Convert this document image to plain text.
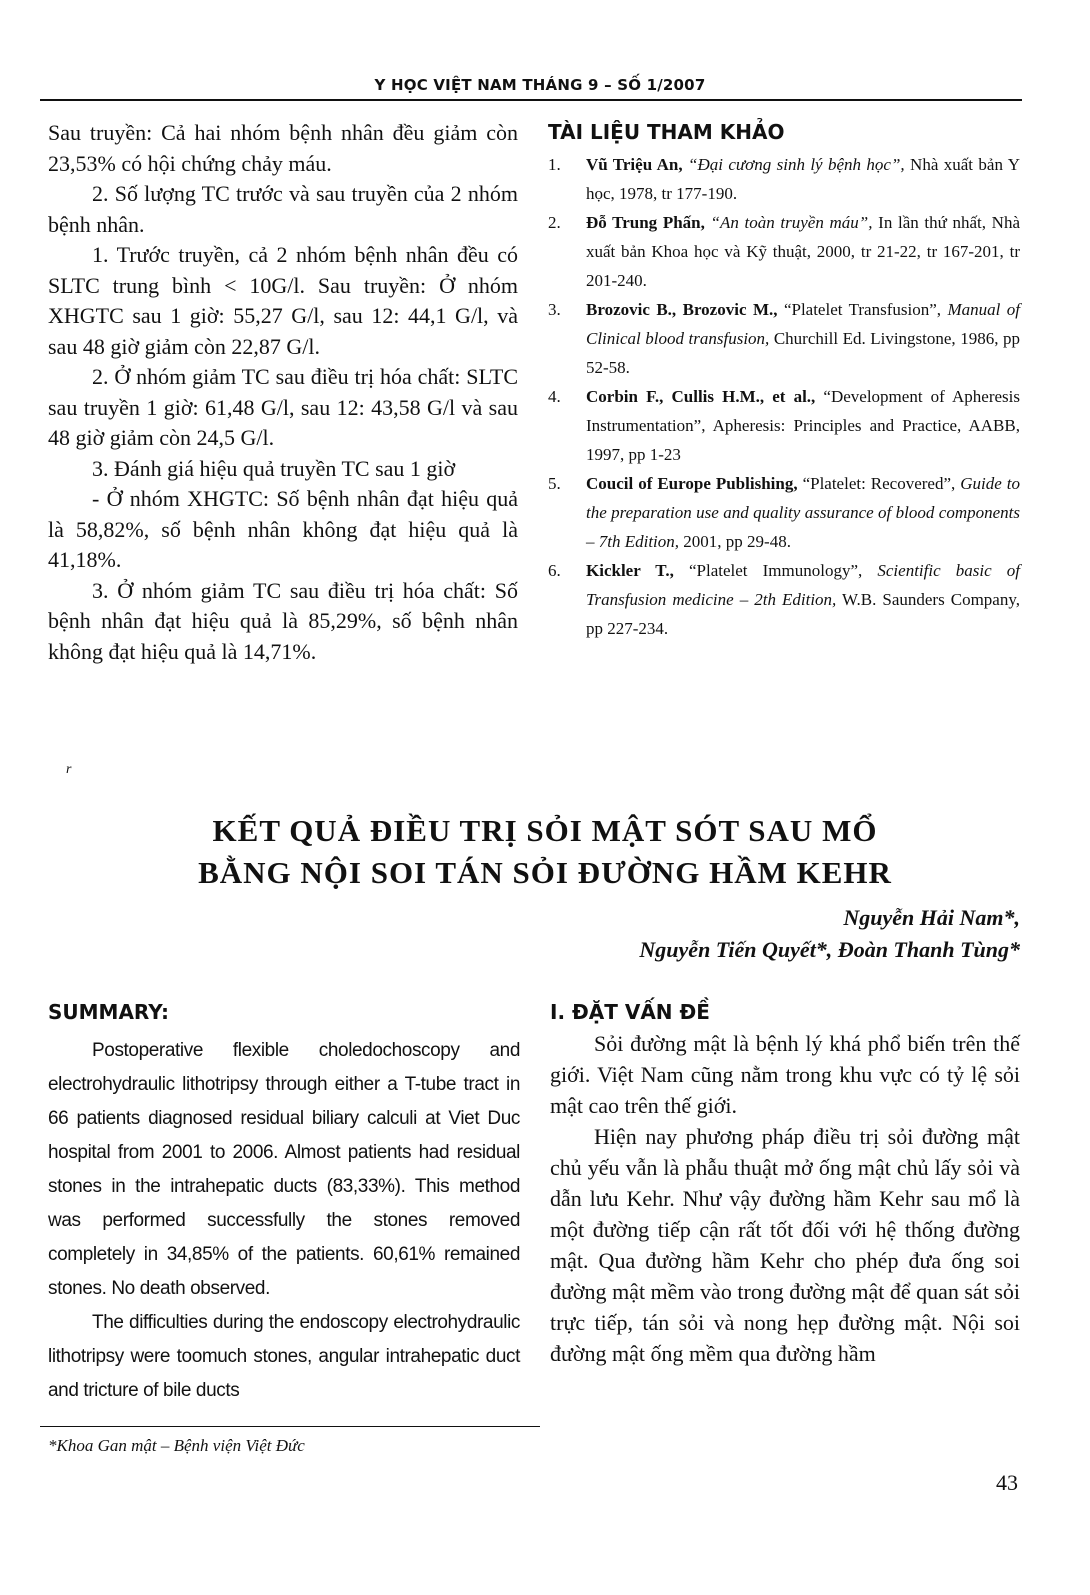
Y HỌC VIỆT NAM THÁNG 9 – SỐ 1/2007

Sau truyền: Cả hai nhóm bệnh nhân đều giảm còn 23,53% có hội chứng chảy máu.

2. Số lượng TC trước và sau truyền của 2 nhóm bệnh nhân.

1. Trước truyền, cả 2 nhóm bệnh nhân đều có SLTC trung bình < 10G/l. Sau truyền: Ở nhóm XHGTC sau 1 giờ: 55,27 G/l, sau 12: 44,1 G/l, và sau 48 giờ giảm còn 22,87 G/l.

2. Ở nhóm giảm TC sau điều trị hóa chất: SLTC sau truyền 1 giờ: 61,48 G/l, sau 12: 43,58 G/l và sau 48 giờ giảm còn 24,5 G/l.

3. Đánh giá hiệu quả truyền TC sau 1 giờ

- Ở nhóm XHGTC: Số bệnh nhân đạt hiệu quả là 58,82%, số bệnh nhân không đạt hiệu quả là 41,18%.

3. Ở nhóm giảm TC sau điều trị hóa chất: Số bệnh nhân đạt hiệu quả là 85,29%, số bệnh nhân không đạt hiệu quả là 14,71%.

TÀI LIỆU THAM KHẢO
1. Vũ Triệu An, “Đại cương sinh lý bệnh học”, Nhà xuất bản Y học, 1978, tr 177-190.
2. Đỗ Trung Phấn, “An toàn truyền máu”, In lần thứ nhất, Nhà xuất bản Khoa học và Kỹ thuật, 2000, tr 21-22, tr 167-201, tr 201-240.
3. Brozovic B., Brozovic M., “Platelet Transfusion”, Manual of Clinical blood transfusion, Churchill Ed. Livingstone, 1986, pp 52-58.
4. Corbin F., Cullis H.M., et al., “Development of Apheresis Instrumentation”, Apheresis: Principles and Practice, AABB, 1997, pp 1-23
5. Coucil of Europe Publishing, “Platelet: Recovered”, Guide to the preparation use and quality assurance of blood components – 7th Edition, 2001, pp 29-48.
6. Kickler T., “Platelet Immunology”, Scientific basic of Transfusion medicine – 2th Edition, W.B. Saunders Company, pp 227-234.
r
KẾT QUẢ ĐIỀU TRỊ SỎI MẬT SÓT SAU MỔ
BẰNG NỘI SOI TÁN SỎI ĐƯỜNG HẦM KEHR
Nguyễn Hải Nam*,
Nguyễn Tiến Quyết*, Đoàn Thanh Tùng*
SUMMARY:

Postoperative flexible choledochoscopy and electrohydraulic lithotripsy through either a T-tube tract in 66 patients diagnosed residual biliary calculi at Viet Duc hospital from 2001 to 2006. Almost patients had residual stones in the intrahepatic ducts (83,33%). This method was performed successfully the stones removed completely in 34,85% of the patients. 60,61% remained stones. No death observed.

The difficulties during the endoscopy electrohydraulic lithotripsy were toomuch stones, angular intrahepatic duct and tricture of bile ducts

I. ĐẶT VẤN ĐỀ

Sỏi đường mật là bệnh lý khá phổ biến trên thế giới. Việt Nam cũng nằm trong khu vực có tỷ lệ sỏi mật cao trên thế giới.

Hiện nay phương pháp điều trị sỏi đường mật chủ yếu vẫn là phẫu thuật mở ống mật chủ lấy sỏi và dẫn lưu Kehr. Như vậy đường hầm Kehr sau mổ là một đường tiếp cận rất tốt đối với hệ thống đường mật. Qua đường hầm Kehr cho phép đưa ống soi đường mật mềm vào trong đường mật để quan sát sỏi trực tiếp, tán sỏi và nong hẹp đường mật. Nội soi đường mật ống mềm qua đường hầm

*Khoa Gan mật – Bệnh viện Việt Đức
43
